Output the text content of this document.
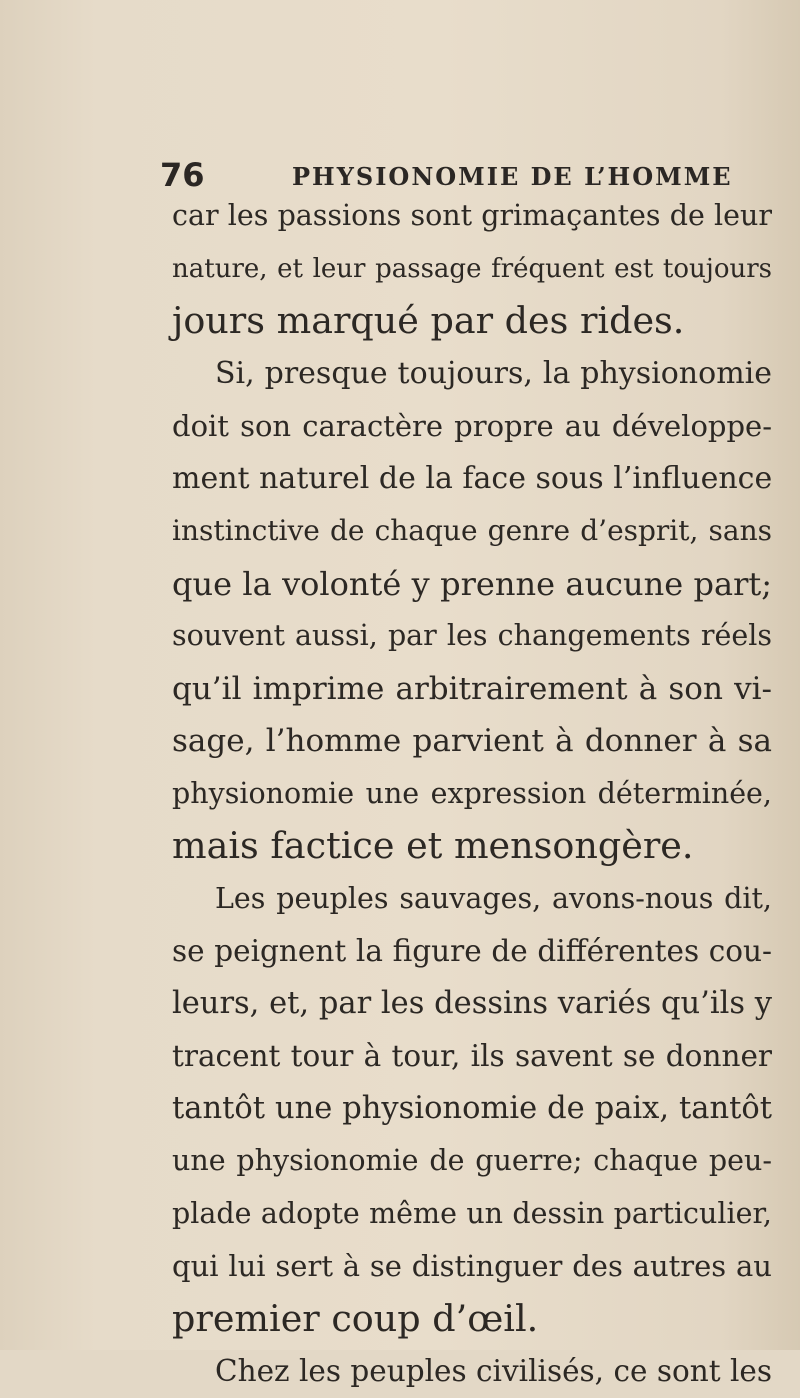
76	PHYSIONOMIE DE L’HOMME
car les passions sont grimaçantes de leur
nature, et leur passage fréquent est toujours
jours marqué par des rides.
Si, presque toujours, la physionomie
doit son caractère propre au développe-
ment naturel de la face sous l’influence
instinctive de chaque genre d’esprit, sans
que la volonté y prenne aucune part;
souvent aussi, par les changements réels
qu’il imprime arbitrairement à son vi-
sage, l’homme parvient à donner à sa
physionomie une expression déterminée,
mais factice et mensongère.
Les peuples sauvages, avons-nous dit,
se peignent la figure de différentes cou-
leurs, et, par les dessins variés qu’ils y
tracent tour à tour, ils savent se donner
tantôt une physionomie de paix, tantôt
une physionomie de guerre; chaque peu-
plade adopte même un dessin particulier,
qui lui sert à se distinguer des autres au
premier coup d’œil.
Chez les peuples civilisés, ce sont les
